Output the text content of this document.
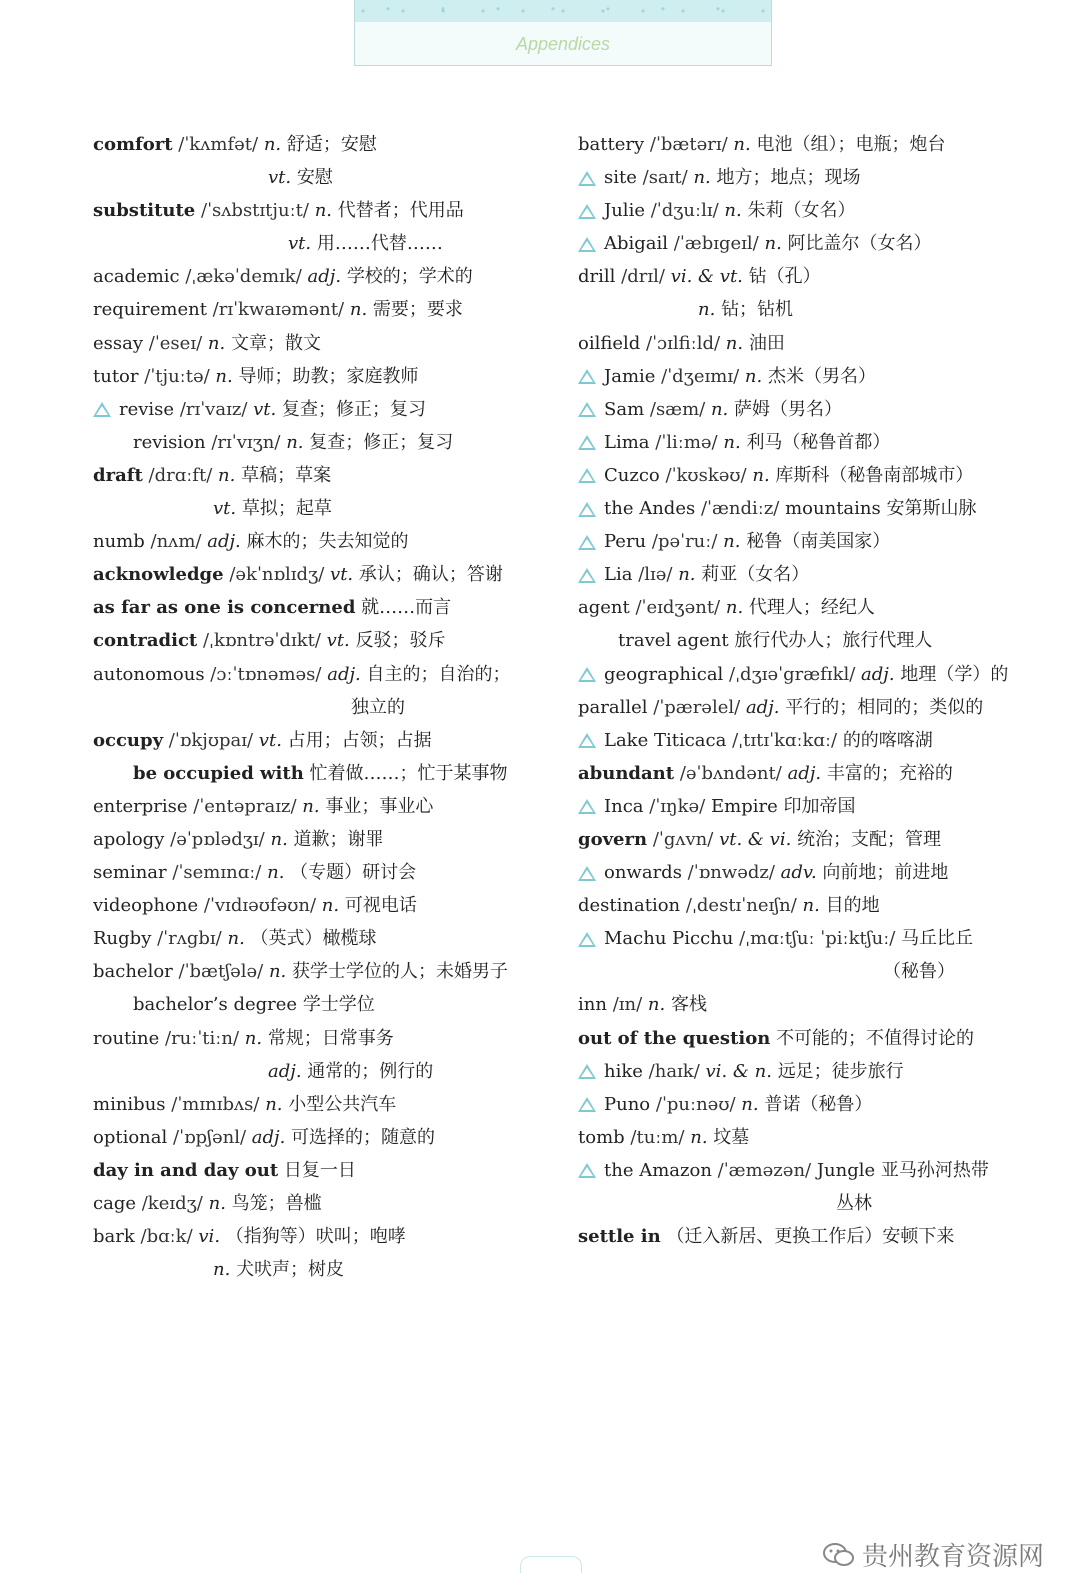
Appendices
comfort /ˈkʌmfət/ n. 舒适；安慰
vt. 安慰
substitute /ˈsʌbstɪtjuːt/ n. 代替者；代用品
vt. 用……代替……
academic /ˌækəˈdemɪk/ adj. 学校的；学术的
requirement /rɪˈkwaɪəmənt/ n. 需要；要求
essay /ˈeseɪ/ n. 文章；散文
tutor /ˈtjuːtə/ n. 导师；助教；家庭教师
revise /rɪˈvaɪz/ vt. 复查；修正；复习
revision /rɪˈvɪʒn/ n. 复查；修正；复习
draft /drɑːft/ n. 草稿；草案
vt. 草拟；起草
numb /nʌm/ adj. 麻木的；失去知觉的
acknowledge /əkˈnɒlɪdʒ/ vt. 承认；确认；答谢
as far as one is concerned 就……而言
contradict /ˌkɒntrəˈdɪkt/ vt. 反驳；驳斥
autonomous /ɔːˈtɒnəməs/ adj. 自主的；自治的；
独立的
occupy /ˈɒkjʊpaɪ/ vt. 占用；占领；占据
be occupied with 忙着做……；忙于某事物
enterprise /ˈentəpraɪz/ n. 事业；事业心
apology /əˈpɒlədʒɪ/ n. 道歉；谢罪
seminar /ˈsemɪnɑː/ n. （专题）研讨会
videophone /ˈvɪdɪəʊfəʊn/ n. 可视电话
Rugby /ˈrʌgbɪ/ n. （英式）橄榄球
bachelor /ˈbætʃələ/ n. 获学士学位的人；未婚男子
bachelor’s degree 学士学位
routine /ruːˈtiːn/ n. 常规；日常事务
adj. 通常的；例行的
minibus /ˈmɪnɪbʌs/ n. 小型公共汽车
optional /ˈɒpʃənl/ adj. 可选择的；随意的
day in and day out 日复一日
cage /keɪdʒ/ n. 鸟笼；兽槛
bark /bɑːk/ vi. （指狗等）吠叫；咆哮
n. 犬吠声；树皮
battery /ˈbætərɪ/ n. 电池（组）；电瓶；炮台
site /saɪt/ n. 地方；地点；现场
Julie /ˈdʒuːlɪ/ n. 朱莉（女名）
Abigail /ˈæbɪgeɪl/ n. 阿比盖尔（女名）
drill /drɪl/ vi. & vt. 钻（孔）
n. 钻；钻机
oilfield /ˈɔɪlfiːld/ n. 油田
Jamie /ˈdʒeɪmɪ/ n. 杰米（男名）
Sam /sæm/ n. 萨姆（男名）
Lima /ˈliːmə/ n. 利马（秘鲁首都）
Cuzco /ˈkʊskəʊ/ n. 库斯科（秘鲁南部城市）
the Andes /ˈændiːz/ mountains 安第斯山脉
Peru /pəˈruː/ n. 秘鲁（南美国家）
Lia /lɪə/ n. 莉亚（女名）
agent /ˈeɪdʒənt/ n. 代理人；经纪人
travel agent 旅行代办人；旅行代理人
geographical /ˌdʒɪəˈgræfɪkl/ adj. 地理（学）的
parallel /ˈpærəlel/ adj. 平行的；相同的；类似的
Lake Titicaca /ˌtɪtɪˈkɑːkɑː/ 的的喀喀湖
abundant /əˈbʌndənt/ adj. 丰富的；充裕的
Inca /ˈɪŋkə/ Empire 印加帝国
govern /ˈgʌvn/ vt. & vi. 统治；支配；管理
onwards /ˈɒnwədz/ adv. 向前地；前进地
destination /ˌdestɪˈneɪʃn/ n. 目的地
Machu Picchu /ˌmɑːtʃuː ˈpiːktʃuː/ 马丘比丘
（秘鲁）
inn /ɪn/ n. 客栈
out of the question 不可能的；不值得讨论的
hike /haɪk/ vi. & n. 远足；徒步旅行
Puno /ˈpuːnəʊ/ n. 普诺（秘鲁）
tomb /tuːm/ n. 坟墓
the Amazon /ˈæməzən/ Jungle 亚马孙河热带
丛林
settle in （迁入新居、更换工作后）安顿下来
贵州教育资源网
